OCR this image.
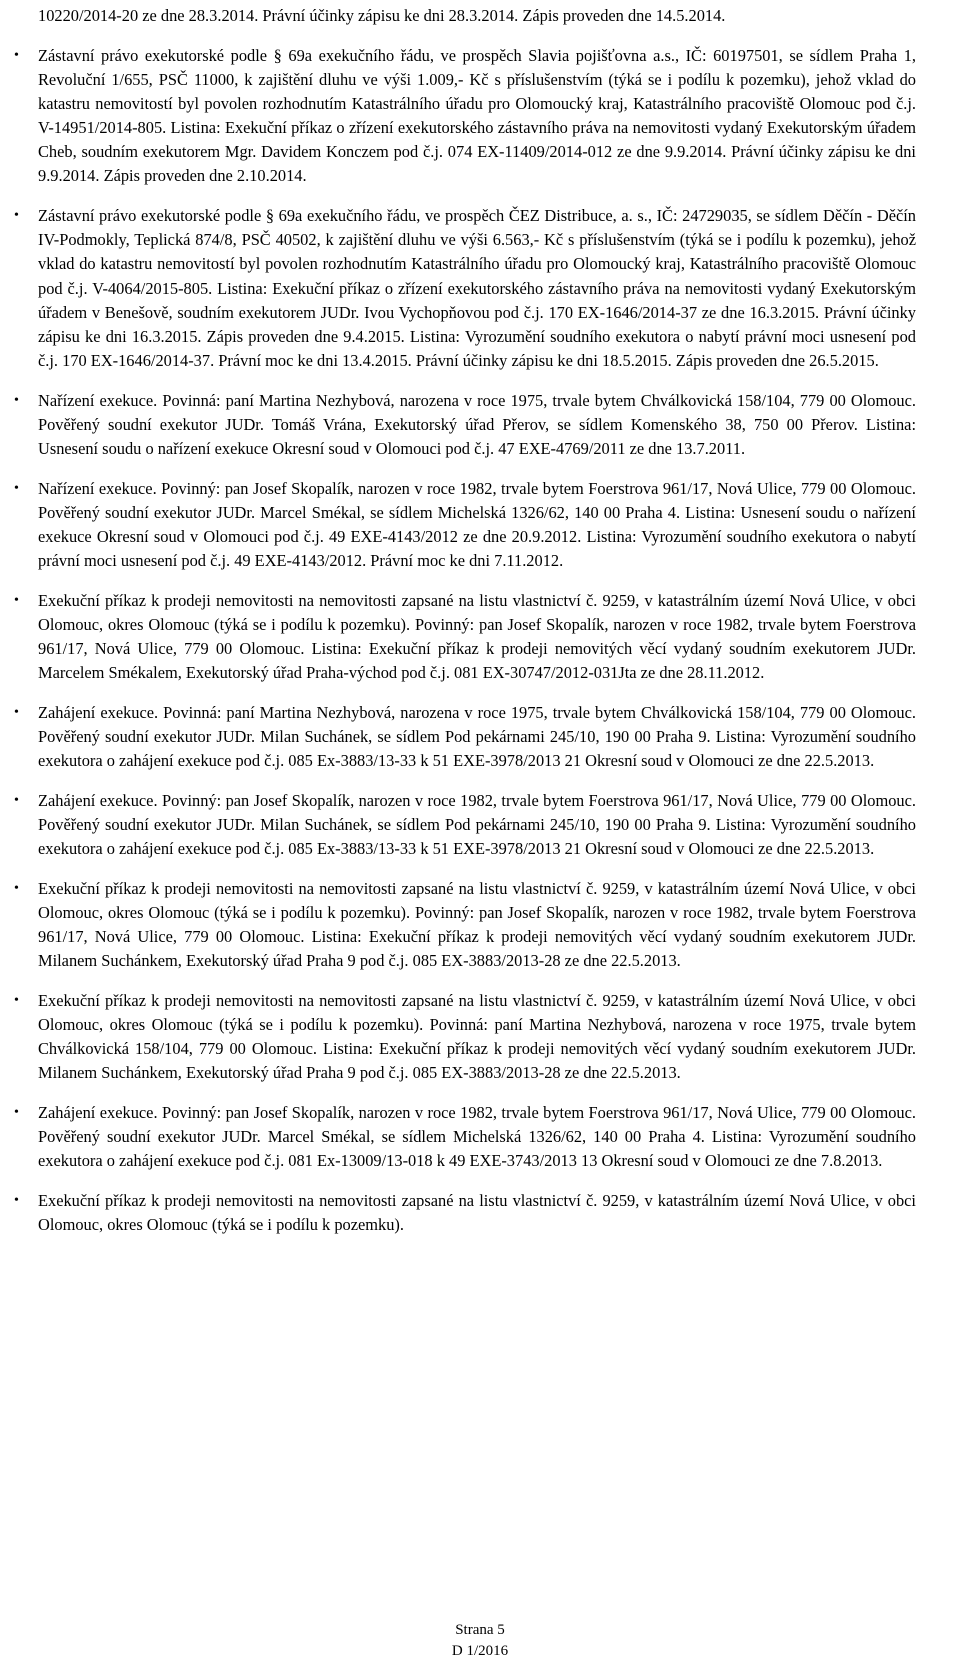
10220/2014-20 ze dne 28.3.2014. Právní účinky zápisu ke dni 28.3.2014. Zápis proveden dne 14.5.2014.

• Zástavní právo exekutorské podle § 69a exekučního řádu, ve prospěch Slavia pojišťovna a.s., IČ: 60197501, se sídlem Praha 1, Revoluční 1/655, PSČ 11000, k zajištění dluhu ve výši 1.009,- Kč s příslušenstvím (týká se i podílu k pozemku), jehož vklad do katastru nemovitostí byl povolen rozhodnutím Katastrálního úřadu pro Olomoucký kraj, Katastrálního pracoviště Olomouc pod č.j. V-14951/2014-805. Listina: Exekuční příkaz o zřízení exekutorského zástavního práva na nemovitosti vydaný Exekutorským úřadem Cheb, soudním exekutorem Mgr. Davidem Konczem pod č.j. 074 EX-11409/2014-012 ze dne 9.9.2014. Právní účinky zápisu ke dni 9.9.2014. Zápis proveden dne 2.10.2014.

• Zástavní právo exekutorské podle § 69a exekučního řádu, ve prospěch ČEZ Distribuce, a. s., IČ: 24729035, se sídlem Děčín - Děčín IV-Podmokly, Teplická 874/8, PSČ 40502, k zajištění dluhu ve výši 6.563,- Kč s příslušenstvím (týká se i podílu k pozemku), jehož vklad do katastru nemovitostí byl povolen rozhodnutím Katastrálního úřadu pro Olomoucký kraj, Katastrálního pracoviště Olomouc pod č.j. V-4064/2015-805. Listina: Exekuční příkaz o zřízení exekutorského zástavního práva na nemovitosti vydaný Exekutorským úřadem v Benešově, soudním exekutorem JUDr. Ivou Vychopňovou pod č.j. 170 EX-1646/2014-37 ze dne 16.3.2015. Právní účinky zápisu ke dni 16.3.2015. Zápis proveden dne 9.4.2015. Listina: Vyrozumění soudního exekutora o nabytí právní moci usnesení pod č.j. 170 EX-1646/2014-37. Právní moc ke dni 13.4.2015. Právní účinky zápisu ke dni 18.5.2015. Zápis proveden dne 26.5.2015.

• Nařízení exekuce. Povinná: paní Martina Nezhybová, narozena v roce 1975, trvale bytem Chválkovická 158/104, 779 00 Olomouc. Pověřený soudní exekutor JUDr. Tomáš Vrána, Exekutorský úřad Přerov, se sídlem Komenského 38, 750 00 Přerov. Listina: Usnesení soudu o nařízení exekuce Okresní soud v Olomouci pod č.j. 47 EXE-4769/2011 ze dne 13.7.2011.

• Nařízení exekuce. Povinný: pan Josef Skopalík, narozen v roce 1982, trvale bytem Foerstrova 961/17, Nová Ulice, 779 00 Olomouc. Pověřený soudní exekutor JUDr. Marcel Smékal, se sídlem Michelská 1326/62, 140 00 Praha 4. Listina: Usnesení soudu o nařízení exekuce Okresní soud v Olomouci pod č.j. 49 EXE-4143/2012 ze dne 20.9.2012. Listina: Vyrozumění soudního exekutora o nabytí právní moci usnesení pod č.j. 49 EXE-4143/2012. Právní moc ke dni 7.11.2012.

• Exekuční příkaz k prodeji nemovitosti na nemovitosti zapsané na listu vlastnictví č. 9259, v katastrálním území Nová Ulice, v obci Olomouc, okres Olomouc (týká se i podílu k pozemku). Povinný: pan Josef Skopalík, narozen v roce 1982, trvale bytem Foerstrova 961/17, Nová Ulice, 779 00 Olomouc. Listina: Exekuční příkaz k prodeji nemovitých věcí vydaný soudním exekutorem JUDr. Marcelem Smékalem, Exekutorský úřad Praha-východ pod č.j. 081 EX-30747/2012-031Jta ze dne 28.11.2012.

• Zahájení exekuce. Povinná: paní Martina Nezhybová, narozena v roce 1975, trvale bytem Chválkovická 158/104, 779 00 Olomouc. Pověřený soudní exekutor JUDr. Milan Suchánek, se sídlem Pod pekárnami 245/10, 190 00 Praha 9. Listina: Vyrozumění soudního exekutora o zahájení exekuce pod č.j. 085 Ex-3883/13-33 k 51 EXE-3978/2013 21 Okresní soud v Olomouci ze dne 22.5.2013.

• Zahájení exekuce. Povinný: pan Josef Skopalík, narozen v roce 1982, trvale bytem Foerstrova 961/17, Nová Ulice, 779 00 Olomouc. Pověřený soudní exekutor JUDr. Milan Suchánek, se sídlem Pod pekárnami 245/10, 190 00 Praha 9. Listina: Vyrozumění soudního exekutora o zahájení exekuce pod č.j. 085 Ex-3883/13-33 k 51 EXE-3978/2013 21 Okresní soud v Olomouci ze dne 22.5.2013.

• Exekuční příkaz k prodeji nemovitosti na nemovitosti zapsané na listu vlastnictví č. 9259, v katastrálním území Nová Ulice, v obci Olomouc, okres Olomouc (týká se i podílu k pozemku). Povinný: pan Josef Skopalík, narozen v roce 1982, trvale bytem Foerstrova 961/17, Nová Ulice, 779 00 Olomouc. Listina: Exekuční příkaz k prodeji nemovitých věcí vydaný soudním exekutorem JUDr. Milanem Suchánkem, Exekutorský úřad Praha 9 pod č.j. 085 EX-3883/2013-28 ze dne 22.5.2013.

• Exekuční příkaz k prodeji nemovitosti na nemovitosti zapsané na listu vlastnictví č. 9259, v katastrálním území Nová Ulice, v obci Olomouc, okres Olomouc (týká se i podílu k pozemku). Povinná: paní Martina Nezhybová, narozena v roce 1975, trvale bytem Chválkovická 158/104, 779 00 Olomouc. Listina: Exekuční příkaz k prodeji nemovitých věcí vydaný soudním exekutorem JUDr. Milanem Suchánkem, Exekutorský úřad Praha 9 pod č.j. 085 EX-3883/2013-28 ze dne 22.5.2013.

• Zahájení exekuce. Povinný: pan Josef Skopalík, narozen v roce 1982, trvale bytem Foerstrova 961/17, Nová Ulice, 779 00 Olomouc. Pověřený soudní exekutor JUDr. Marcel Smékal, se sídlem Michelská 1326/62, 140 00 Praha 4. Listina: Vyrozumění soudního exekutora o zahájení exekuce pod č.j. 081 Ex-13009/13-018 k 49 EXE-3743/2013 13 Okresní soud v Olomouci ze dne 7.8.2013.

• Exekuční příkaz k prodeji nemovitosti na nemovitosti zapsané na listu vlastnictví č. 9259, v katastrálním území Nová Ulice, v obci Olomouc, okres Olomouc (týká se i podílu k pozemku).

Strana 5
D 1/2016
